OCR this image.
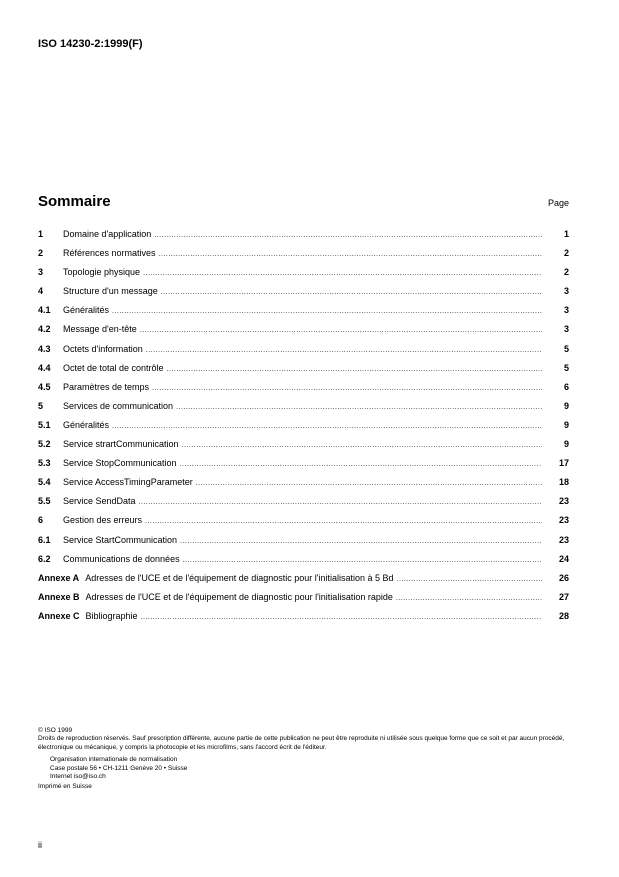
ISO 14230-2:1999(F)
Sommaire	Page
1	Domaine d'application .....	1
2	Références normatives .....	2
3	Topologie physique .....	2
4	Structure d'un message .....	3
4.1	Généralités .....	3
4.2	Message d'en-tête .....	3
4.3	Octets d'information .....	5
4.4	Octet de total de contrôle .....	5
4.5	Paramètres de temps .....	6
5	Services de communication .....	9
5.1	Généralités .....	9
5.2	Service strartCommunication .....	9
5.3	Service StopCommunication .....	17
5.4	Service AccessTimingParameter .....	18
5.5	Service SendData .....	23
6	Gestion des erreurs .....	23
6.1	Service StartCommunication .....	23
6.2	Communications de données .....	24
Annexe A Adresses de l'UCE et de l'équipement de diagnostic pour l'initialisation à 5 Bd .....	26
Annexe B Adresses de l'UCE et de l'équipement de diagnostic pour l'initialisation rapide .....	27
Annexe C Bibliographie .....	28

© ISO 1999

Droits de reproduction réservés. Sauf prescription différente, aucune partie de cette publication ne peut être reproduite ni utilisée sous quelque forme que ce soit et par aucun procédé, électronique ou mécanique, y compris la photocopie et les microfilms, sans l'accord écrit de l'éditeur.

Organisation internationale de normalisation

Case postale 56 • CH-1211 Genève 20 • Suisse

Internet iso@iso.ch

Imprimé en Suisse

ii
